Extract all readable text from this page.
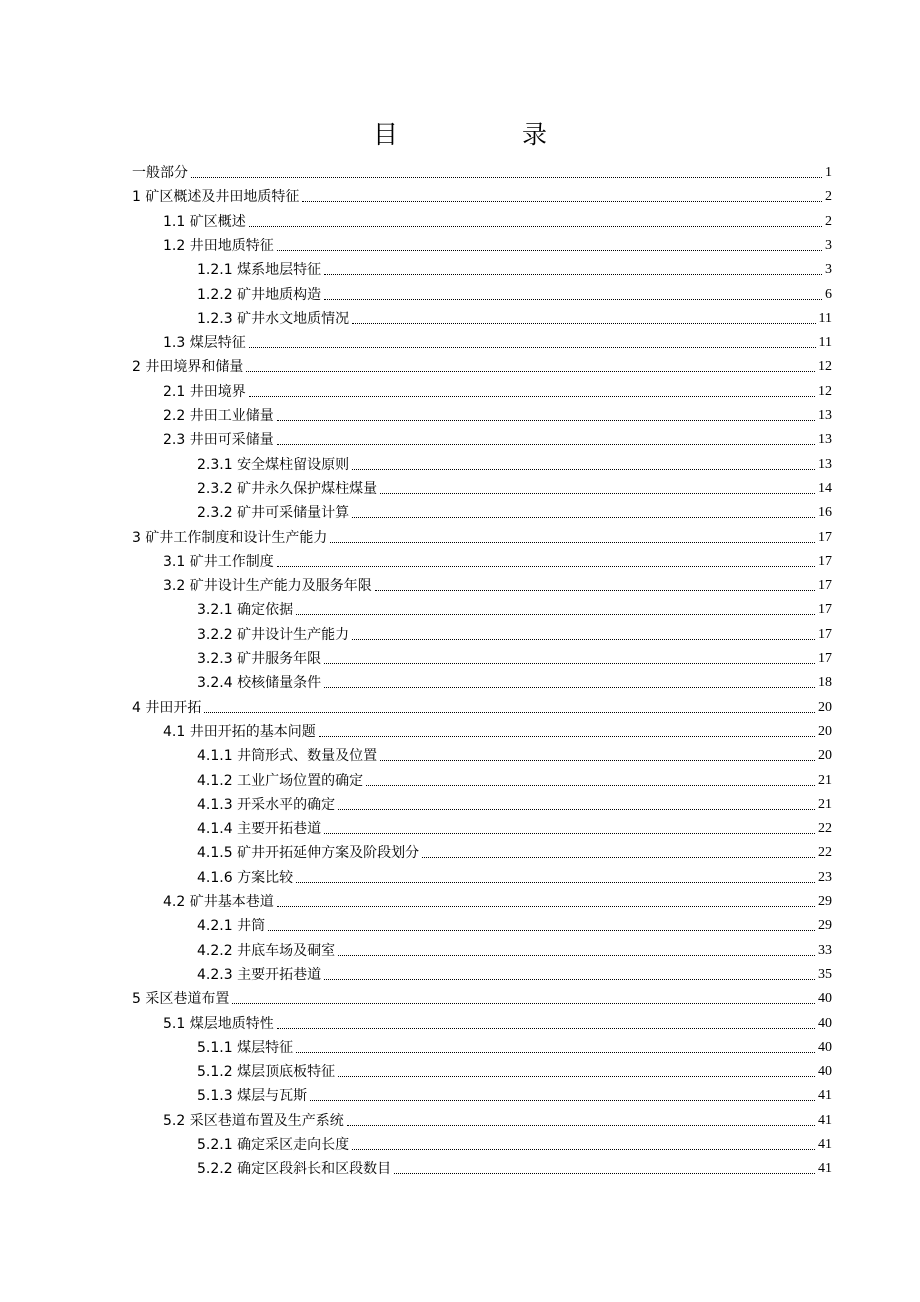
目 录
一般部分	1
1 矿区概述及井田地质特征	2
1.1 矿区概述	2
1.2 井田地质特征	3
1.2.1 煤系地层特征	3
1.2.2 矿井地质构造	6
1.2.3 矿井水文地质情况	11
1.3 煤层特征	11
2 井田境界和储量	12
2.1 井田境界	12
2.2 井田工业储量	13
2.3 井田可采储量	13
2.3.1 安全煤柱留设原则	13
2.3.2 矿井永久保护煤柱煤量	14
2.3.2 矿井可采储量计算	16
3 矿井工作制度和设计生产能力	17
3.1 矿井工作制度	17
3.2 矿井设计生产能力及服务年限	17
3.2.1 确定依据	17
3.2.2 矿井设计生产能力	17
3.2.3 矿井服务年限	17
3.2.4 校核储量条件	18
4 井田开拓	20
4.1 井田开拓的基本问题	20
4.1.1 井筒形式、数量及位置	20
4.1.2 工业广场位置的确定	21
4.1.3 开采水平的确定	21
4.1.4 主要开拓巷道	22
4.1.5 矿井开拓延伸方案及阶段划分	22
4.1.6 方案比较	23
4.2 矿井基本巷道	29
4.2.1 井筒	29
4.2.2 井底车场及硐室	33
4.2.3 主要开拓巷道	35
5 采区巷道布置	40
5.1 煤层地质特性	40
5.1.1 煤层特征	40
5.1.2 煤层顶底板特征	40
5.1.3 煤层与瓦斯	41
5.2 采区巷道布置及生产系统	41
5.2.1 确定采区走向长度	41
5.2.2 确定区段斜长和区段数目	41
